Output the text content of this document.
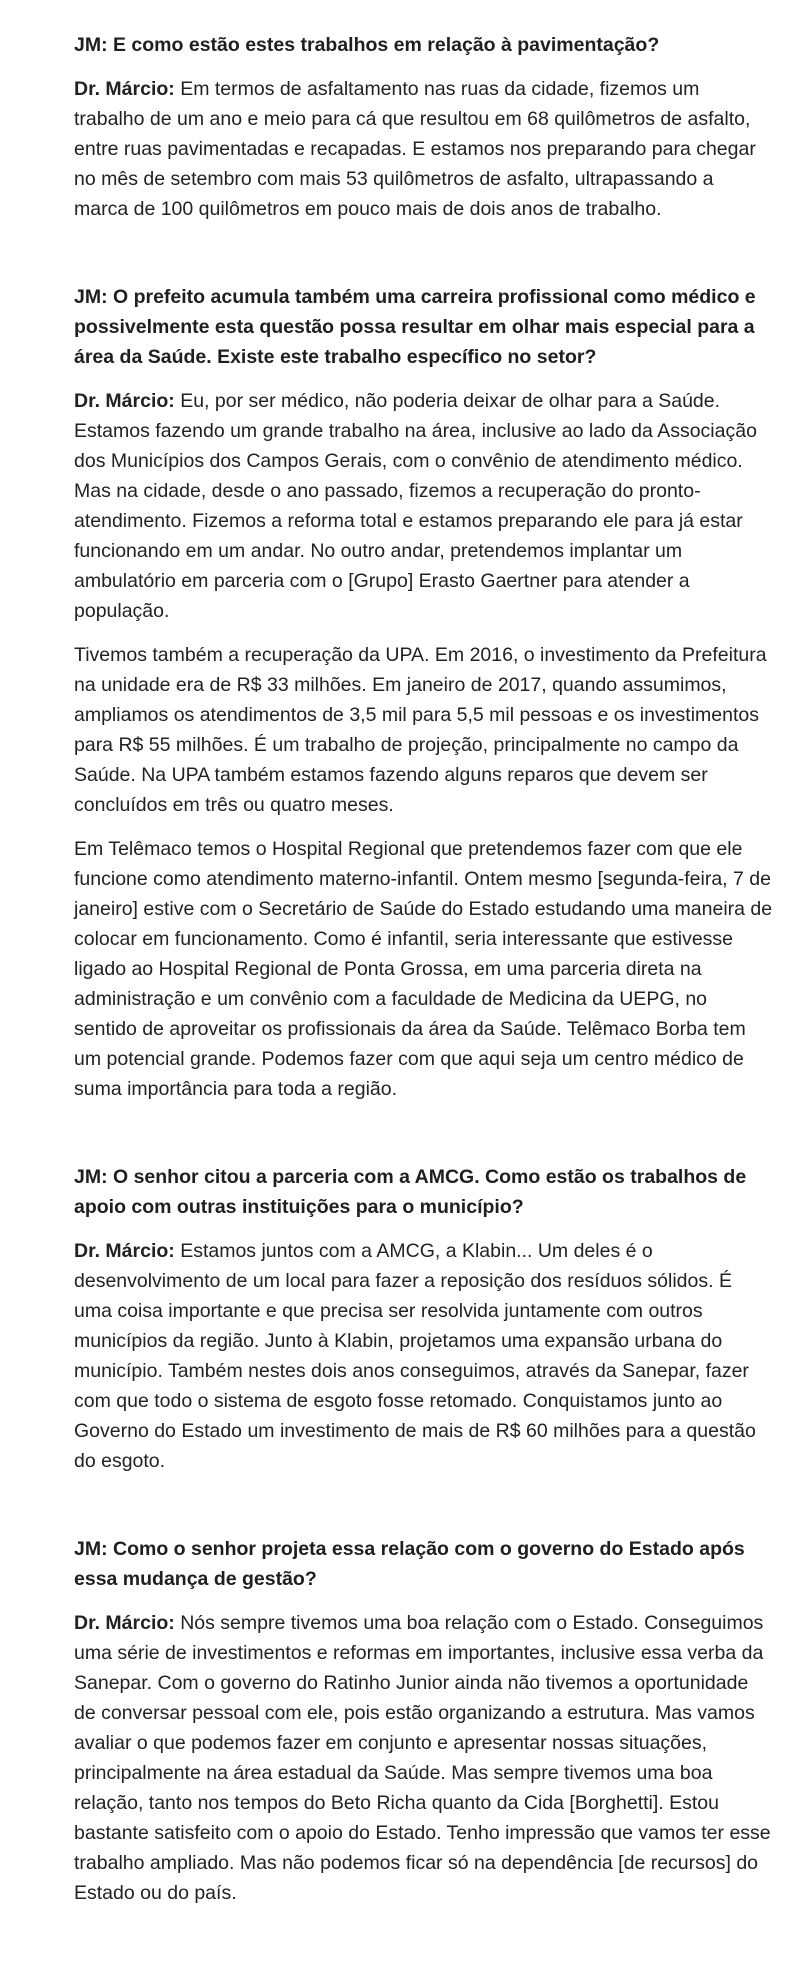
JM: E como estão estes trabalhos em relação à pavimentação?

Dr. Márcio: Em termos de asfaltamento nas ruas da cidade, fizemos um trabalho de um ano e meio para cá que resultou em 68 quilômetros de asfalto, entre ruas pavimentadas e recapadas. E estamos nos preparando para chegar no mês de setembro com mais 53 quilômetros de asfalto, ultrapassando a marca de 100 quilômetros em pouco mais de dois anos de trabalho.

JM: O prefeito acumula também uma carreira profissional como médico e possivelmente esta questão possa resultar em olhar mais especial para a área da Saúde. Existe este trabalho específico no setor?

Dr. Márcio: Eu, por ser médico, não poderia deixar de olhar para a Saúde. Estamos fazendo um grande trabalho na área, inclusive ao lado da Associação dos Municípios dos Campos Gerais, com o convênio de atendimento médico. Mas na cidade, desde o ano passado, fizemos a recuperação do pronto-atendimento. Fizemos a reforma total e estamos preparando ele para já estar funcionando em um andar. No outro andar, pretendemos implantar um ambulatório em parceria com o [Grupo] Erasto Gaertner para atender a população.

Tivemos também a recuperação da UPA. Em 2016, o investimento da Prefeitura na unidade era de R$ 33 milhões. Em janeiro de 2017, quando assumimos, ampliamos os atendimentos de 3,5 mil para 5,5 mil pessoas e os investimentos para R$ 55 milhões. É um trabalho de projeção, principalmente no campo da Saúde. Na UPA também estamos fazendo alguns reparos que devem ser concluídos em três ou quatro meses.

Em Telêmaco temos o Hospital Regional que pretendemos fazer com que ele funcione como atendimento materno-infantil. Ontem mesmo [segunda-feira, 7 de janeiro] estive com o Secretário de Saúde do Estado estudando uma maneira de colocar em funcionamento. Como é infantil, seria interessante que estivesse ligado ao Hospital Regional de Ponta Grossa, em uma parceria direta na administração e um convênio com a faculdade de Medicina da UEPG, no sentido de aproveitar os profissionais da área da Saúde. Telêmaco Borba tem um potencial grande. Podemos fazer com que aqui seja um centro médico de suma importância para toda a região.

JM: O senhor citou a parceria com a AMCG. Como estão os trabalhos de apoio com outras instituições para o município?

Dr. Márcio: Estamos juntos com a AMCG, a Klabin... Um deles é o desenvolvimento de um local para fazer a reposição dos resíduos sólidos. É uma coisa importante e que precisa ser resolvida juntamente com outros municípios da região. Junto à Klabin, projetamos uma expansão urbana do município. Também nestes dois anos conseguimos, através da Sanepar, fazer com que todo o sistema de esgoto fosse retomado. Conquistamos junto ao Governo do Estado um investimento de mais de R$ 60 milhões para a questão do esgoto.

JM: Como o senhor projeta essa relação com o governo do Estado após essa mudança de gestão?

Dr. Márcio: Nós sempre tivemos uma boa relação com o Estado. Conseguimos uma série de investimentos e reformas em importantes, inclusive essa verba da Sanepar. Com o governo do Ratinho Junior ainda não tivemos a oportunidade de conversar pessoal com ele, pois estão organizando a estrutura. Mas vamos avaliar o que podemos fazer em conjunto e apresentar nossas situações, principalmente na área estadual da Saúde. Mas sempre tivemos uma boa relação, tanto nos tempos do Beto Richa quanto da Cida [Borghetti]. Estou bastante satisfeito com o apoio do Estado. Tenho impressão que vamos ter esse trabalho ampliado. Mas não podemos ficar só na dependência [de recursos] do Estado ou do país.
